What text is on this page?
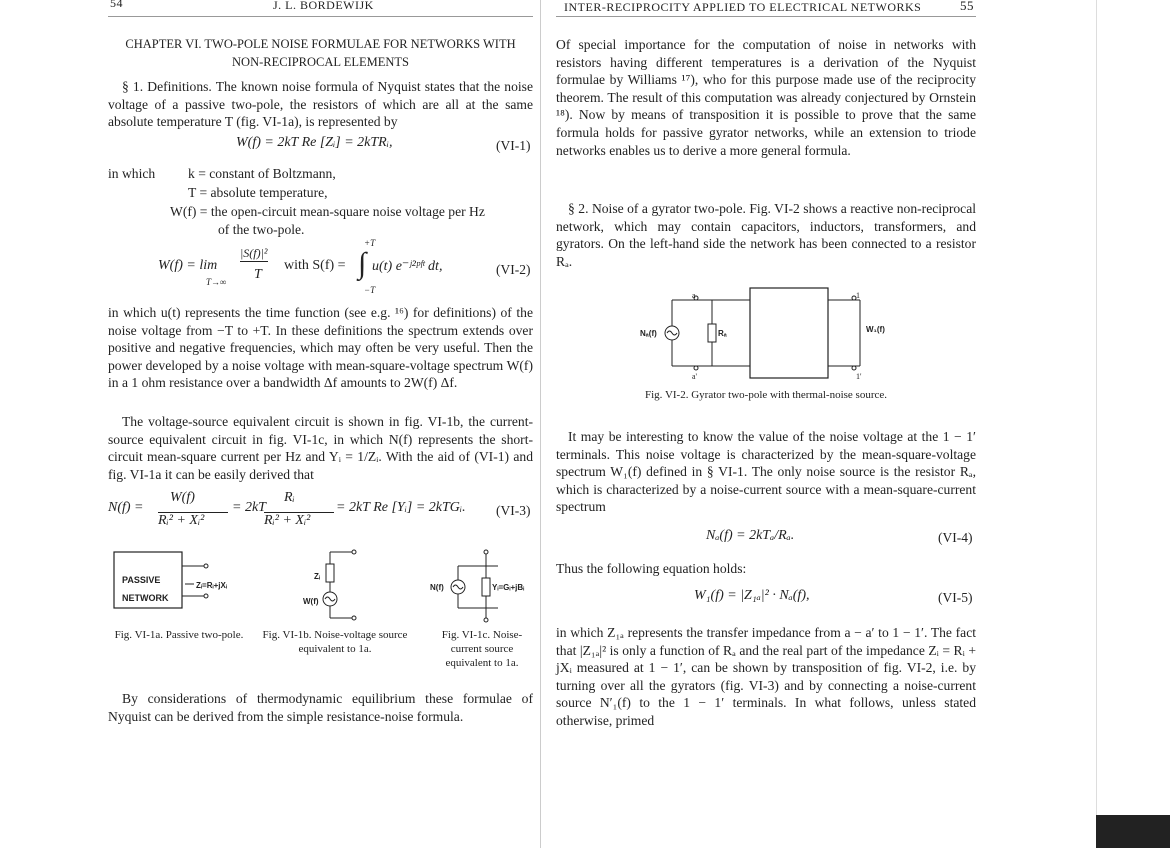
54	J. L. BORDEWIJK
CHAPTER VI. TWO-POLE NOISE FORMULAE FOR NETWORKS WITH
NON-RECIPROCAL ELEMENTS
§ 1. Definitions. The known noise formula of Nyquist states that the noise voltage of a passive two-pole, the resistors of which are all at the same absolute temperature T (fig. VI-1a), is represented by
W(f) = 2kT Re [Zᵢ] = 2kTRᵢ,	(VI-1)
in which k = constant of Boltzmann,
T = absolute temperature,
W(f) = the open-circuit mean-square noise voltage per Hz
of the two-pole.
W(f) = lim
T→∞
|S(f)|²
T
with S(f) =
+T
−T
∫ u(t) e⁻ʲ²ᵖᶠᵗ dt,	(VI-2)
in which u(t) represents the time function (see e.g. ¹⁶) for definitions) of the noise voltage from −T to +T. In these definitions the spectrum extends over positive and negative frequencies, which may often be very useful. Then the power developed by a noise voltage with mean-square-voltage spectrum W(f) in a 1 ohm resistance over a bandwidth Δf amounts to 2W(f) Δf.
The voltage-source equivalent circuit is shown in fig. VI-1b, the current-source equivalent circuit in fig. VI-1c, in which N(f) represents the short-circuit mean-square current per Hz and Yᵢ = 1/Zᵢ. With the aid of (VI-1) and fig. VI-1a it can be easily derived that
N(f) =
W(f)
Rᵢ² + Xᵢ²
= 2kT
Rᵢ
Rᵢ² + Xᵢ²
= 2kT Re [Yᵢ] = 2kTGᵢ. (VI-3)
PASSIVE
NETWORK
Zᵢ=Rᵢ+jXᵢ
Zᵢ
W(f)
N(f)	Yᵢ=Gᵢ+jBᵢ
Fig. VI-1a. Passive two-pole.	Fig. VI-1b. Noise-voltage source equivalent to 1a.
Fig. VI-1c. Noise-current source equivalent to 1a.
By considerations of thermodynamic equilibrium these formulae of Nyquist can be derived from the simple resistance-noise formula.
INTER-RECIPROCITY APPLIED TO ELECTRICAL NETWORKS	55
Of special importance for the computation of noise in networks with resistors having different temperatures is a derivation of the Nyquist formulae by Williams ¹⁷), who for this purpose made use of the reciprocity theorem. The result of this computation was already conjectured by Ornstein ¹⁸). Now by means of transposition it is possible to prove that the same formula holds for passive gyrator networks, while an extension to triode networks enables us to derive a more general formula.
§ 2. Noise of a gyrator two-pole. Fig. VI-2 shows a reactive non-reciprocal network, which may contain capacitors, inductors, transformers, and gyrators. On the left-hand side the network has been connected to a resistor Rₐ.
a
a'
1
1'
Nₐ(f)	Rₐ	W₁(f)
Fig. VI-2. Gyrator two-pole with thermal-noise source.
It may be interesting to know the value of the noise voltage at the 1 − 1′ terminals. This noise voltage is characterized by the mean-square-voltage spectrum W₁(f) defined in § VI-1. The only noise source is the resistor Rₐ, which is characterized by a noise-current source with a mean-square-current spectrum
Nₐ(f) = 2kTₐ/Rₐ.	(VI-4)
Thus the following equation holds:
W₁(f) = |Z₁ₐ|² · Nₐ(f),	(VI-5)
in which Z₁ₐ represents the transfer impedance from a − a′ to 1 − 1′. The fact that |Z₁ₐ|² is only a function of Rₐ and the real part of the impedance Zᵢ = Rᵢ + jXᵢ measured at 1 − 1′, can be shown by transposition of fig. VI-2, i.e. by turning over all the gyrators (fig. VI-3) and by connecting a noise-current source N′₁(f) to the 1 − 1′ terminals. In what follows, unless stated otherwise, primed
